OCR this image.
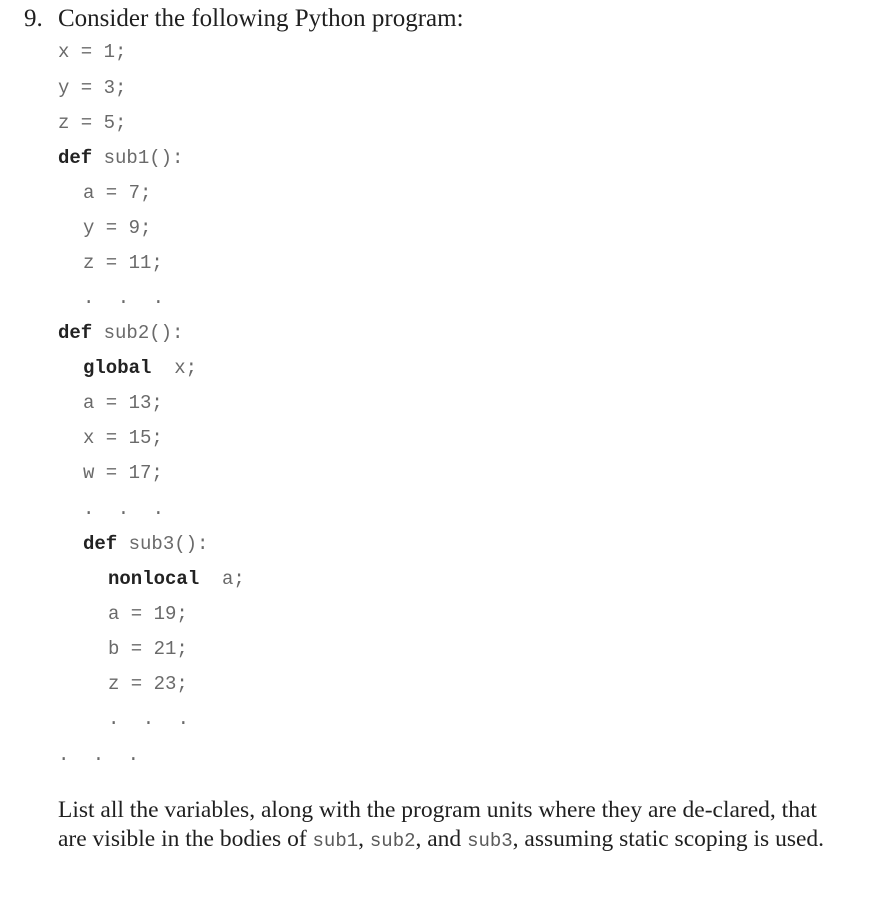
9. Consider the following Python program:
x = 1;
y = 3;
z = 5;
def sub1():
a = 7;
y = 9;
z = 11;
. . .
def sub2():
global x;
a = 13;
x = 15;
w = 17;
. . .
def sub3():
nonlocal a;
a = 19;
b = 21;
z = 23;
. . .
. . .
List all the variables, along with the program units where they are de-clared, that are visible in the bodies of sub1, sub2, and sub3, assuming static scoping is used.
